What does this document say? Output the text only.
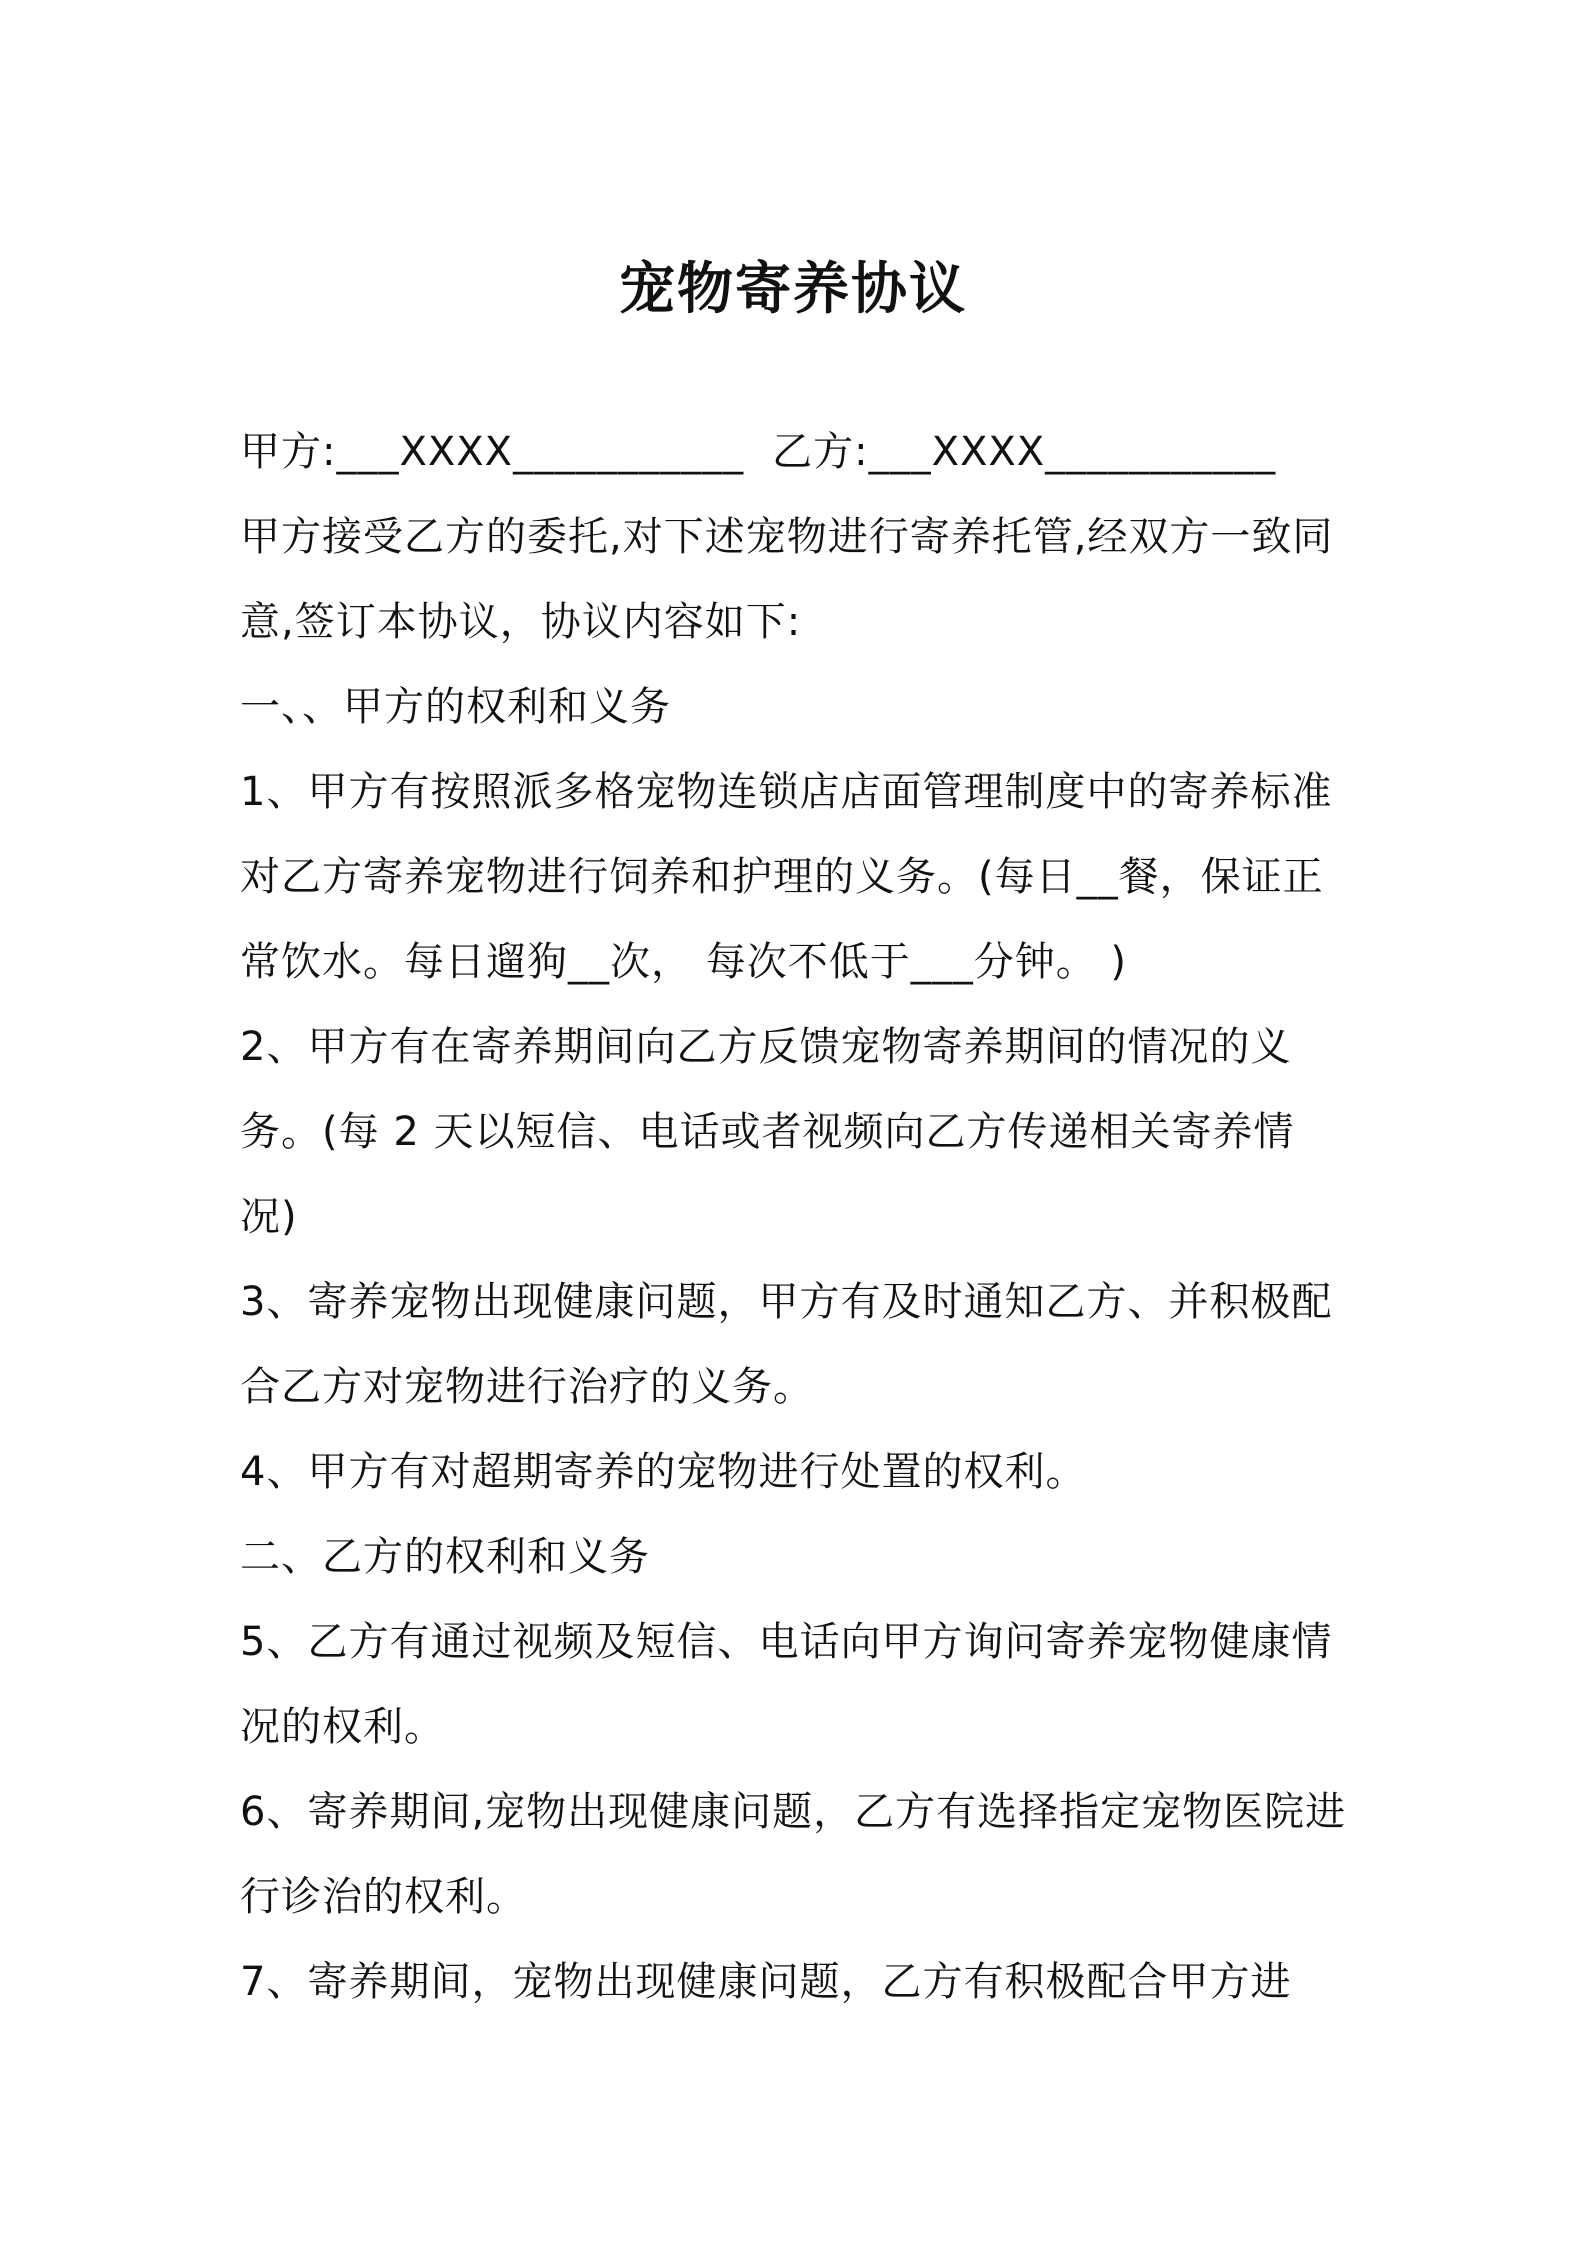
宠物寄养协议
甲方:___XXXX___________ 乙方:___XXXX___________

甲方接受乙方的委托,对下述宠物进行寄养托管,经双方一致同意,签订本协议，协议内容如下:

一、、甲方的权利和义务

1、甲方有按照派多格宠物连锁店店面管理制度中的寄养标准对乙方寄养宠物进行饲养和护理的义务。(每日__餐，保证正常饮水。每日遛狗__次， 每次不低于___分钟。 )

2、甲方有在寄养期间向乙方反馈宠物寄养期间的情况的义务。(每 2 天以短信、电话或者视频向乙方传递相关寄养情况)

3、寄养宠物出现健康问题，甲方有及时通知乙方、并积极配合乙方对宠物进行治疗的义务。

4、甲方有对超期寄养的宠物进行处置的权利。

二、乙方的权利和义务

5、乙方有通过视频及短信、电话向甲方询问寄养宠物健康情况的权利。

6、寄养期间,宠物出现健康问题，乙方有选择指定宠物医院进行诊治的权利。

7、寄养期间，宠物出现健康问题，乙方有积极配合甲方进
